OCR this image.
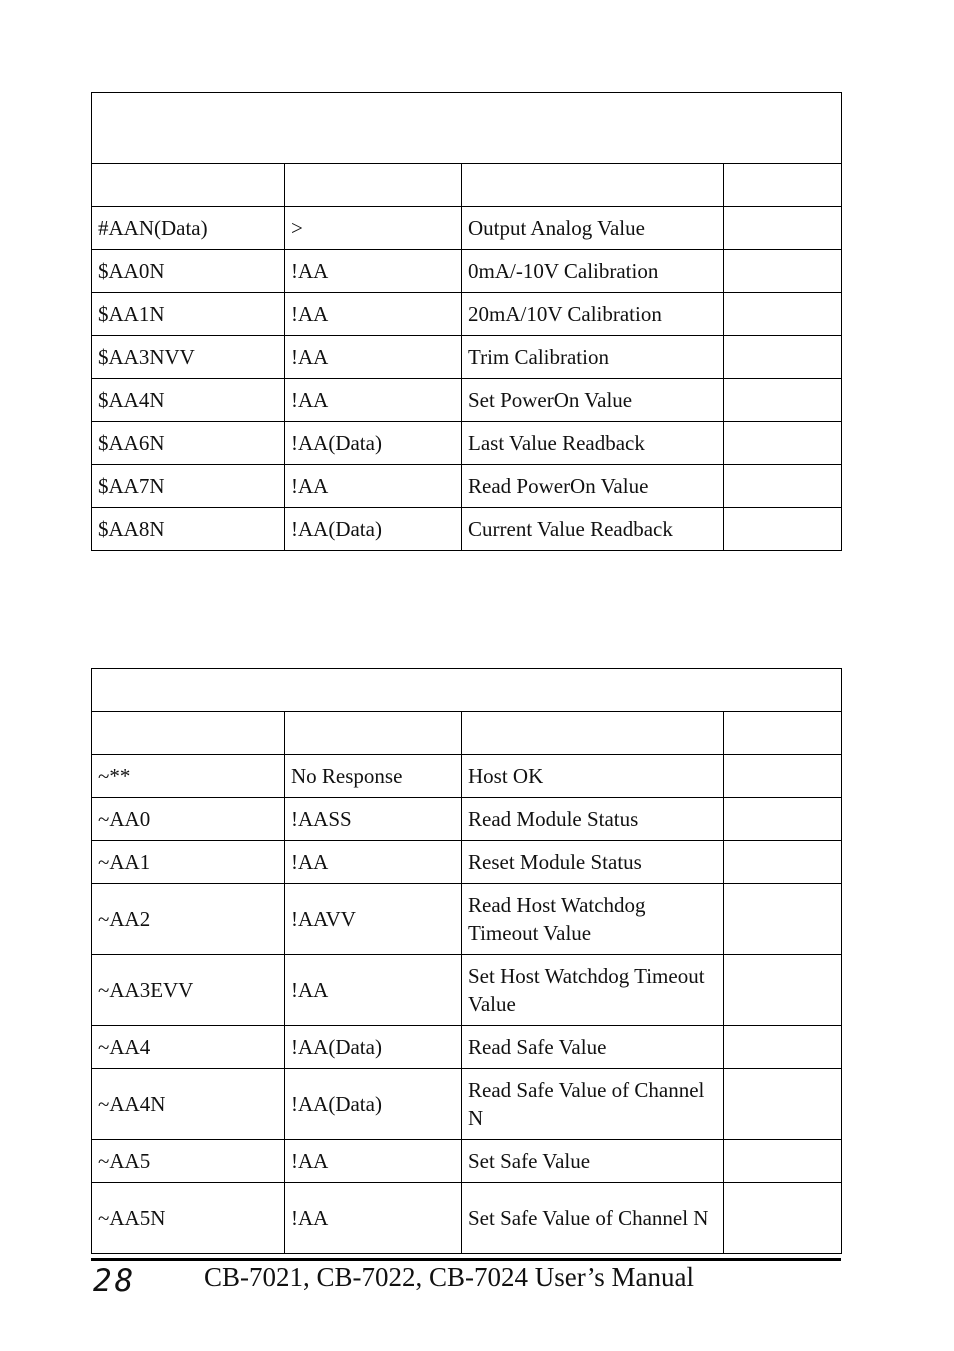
#AAN(Data)	>	Output Analog Value	
$AA0N	!AA	0mA/-10V Calibration	
$AA1N	!AA	20mA/10V Calibration	
$AA3NVV	!AA	Trim Calibration	
$AA4N	!AA	Set PowerOn Value	
$AA6N	!AA(Data)	Last Value Readback	
$AA7N	!AA	Read PowerOn Value	
$AA8N	!AA(Data)	Current Value Readback	

~**	No Response	Host OK	
~AA0	!AASS	Read Module Status	
~AA1	!AA	Reset Module Status	
~AA2	!AAVV	Read Host Watchdog Timeout Value	
~AA3EVV	!AA	Set Host Watchdog Timeout Value	
~AA4	!AA(Data)	Read Safe Value	
~AA4N	!AA(Data)	Read Safe Value of Channel N	
~AA5	!AA	Set Safe Value	
~AA5N	!AA	Set Safe Value of Channel N	
28	CB-7021, CB-7022, CB-7024 User’s Manual
